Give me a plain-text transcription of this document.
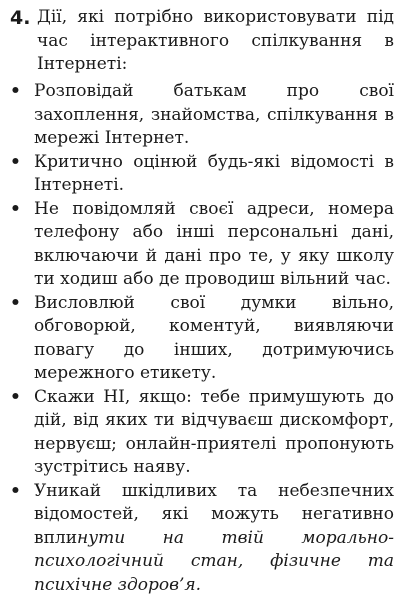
4. Дії, які потрібно використовувати під час інтерактивного спілкування в Інтернеті:
• Розповідай батькам про свої захоплення, знайомства, спілкування в мережі Інтернет.
• Критично оцінюй будь-які відомості в Інтернеті.
• Не повідомляй своєї адреси, номера телефону або інші персональні дані, включаючи й дані про те, у яку школу ти ходиш або де проводиш вільний час.
• Висловлюй свої думки вільно, обговорюй, коментуй, виявляючи повагу до інших, дотримуючись мережного етикету.
• Скажи НІ, якщо: тебе примушують до дій, від яких ти відчуваєш дискомфорт, нервуєш; онлайн-приятелі пропонують зустрітись наяву.
• Уникай шкідливих та небезпечних відомостей, які можуть негативно вплинути на твій морально-психологічний стан, фізичне та психічне здоров’я.
